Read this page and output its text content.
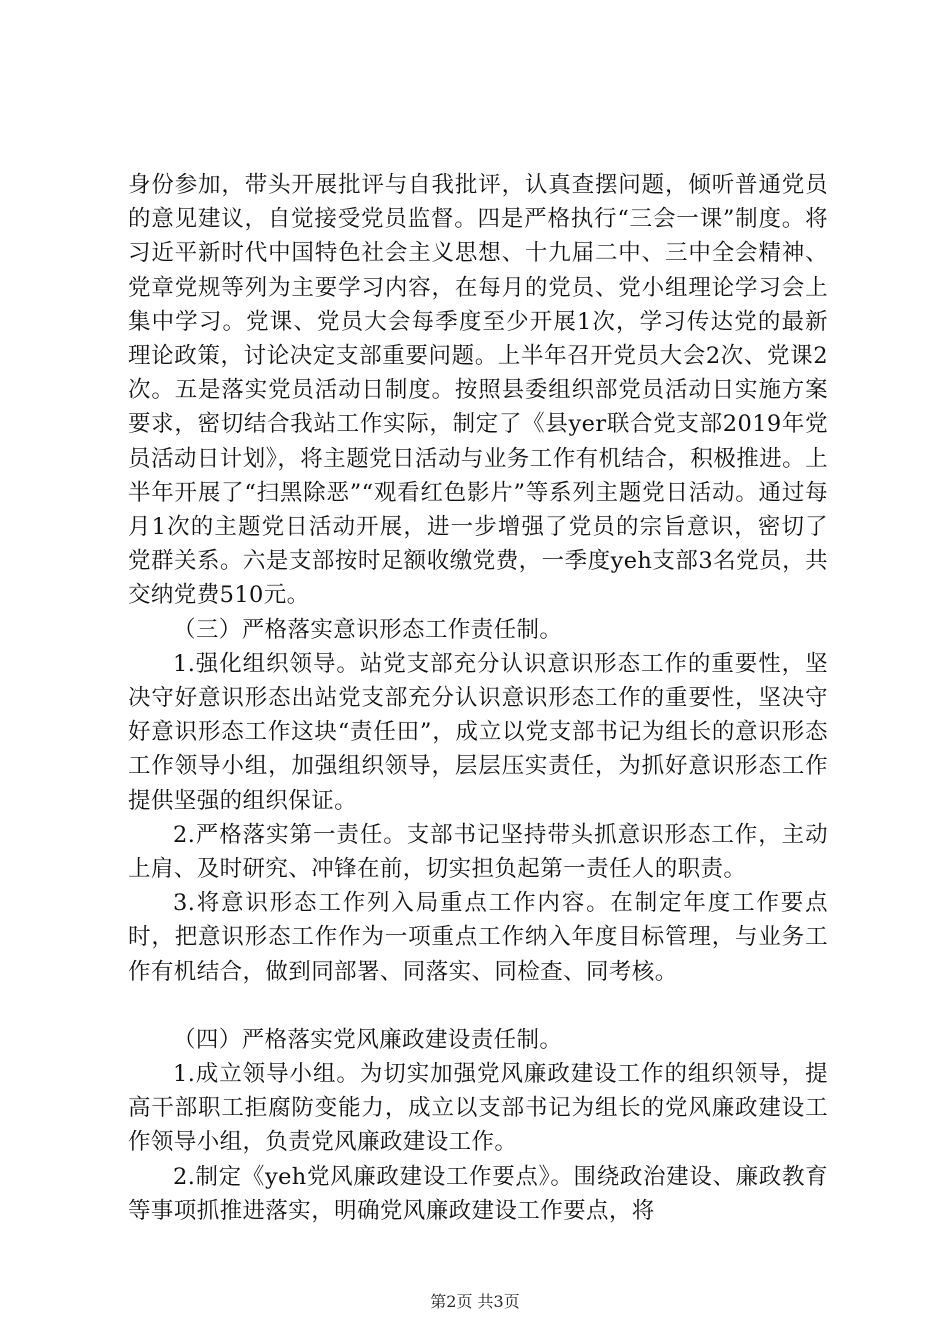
身份参加，带头开展批评与自我批评，认真查摆问题，倾听普通党员的意见建议，自觉接受党员监督。四是严格执行“三会一课”制度。将习近平新时代中国特色社会主义思想、十九届二中、三中全会精神、党章党规等列为主要学习内容，在每月的党员、党小组理论学习会上集中学习。党课、党员大会每季度至少开展1次，学习传达党的最新理论政策，讨论决定支部重要问题。上半年召开党员大会2次、党课2次。五是落实党员活动日制度。按照县委组织部党员活动日实施方案要求，密切结合我站工作实际，制定了《县yer联合党支部2019年党员活动日计划》，将主题党日活动与业务工作有机结合，积极推进。上半年开展了“扫黑除恶”“观看红色影片”等系列主题党日活动。通过每月1次的主题党日活动开展，进一步增强了党员的宗旨意识，密切了党群关系。六是支部按时足额收缴党费，一季度yeh支部3名党员，共交纳党费510元。

（三）严格落实意识形态工作责任制。

1.强化组织领导。站党支部充分认识意识形态工作的重要性，坚决守好意识形态出站党支部充分认识意识形态工作的重要性，坚决守好意识形态工作这块“责任田”，成立以党支部书记为组长的意识形态工作领导小组，加强组织领导，层层压实责任，为抓好意识形态工作提供坚强的组织保证。

2.严格落实第一责任。支部书记坚持带头抓意识形态工作，主动上肩、及时研究、冲锋在前，切实担负起第一责任人的职责。

3.将意识形态工作列入局重点工作内容。在制定年度工作要点时，把意识形态工作作为一项重点工作纳入年度目标管理，与业务工作有机结合，做到同部署、同落实、同检查、同考核。

（四）严格落实党风廉政建设责任制。

1.成立领导小组。为切实加强党风廉政建设工作的组织领导，提高干部职工拒腐防变能力，成立以支部书记为组长的党风廉政建设工作领导小组，负责党风廉政建设工作。

2.制定《yeh党风廉政建设工作要点》。围绕政治建设、廉政教育等事项抓推进落实，明确党风廉政建设工作要点，将

第2页 共3页
